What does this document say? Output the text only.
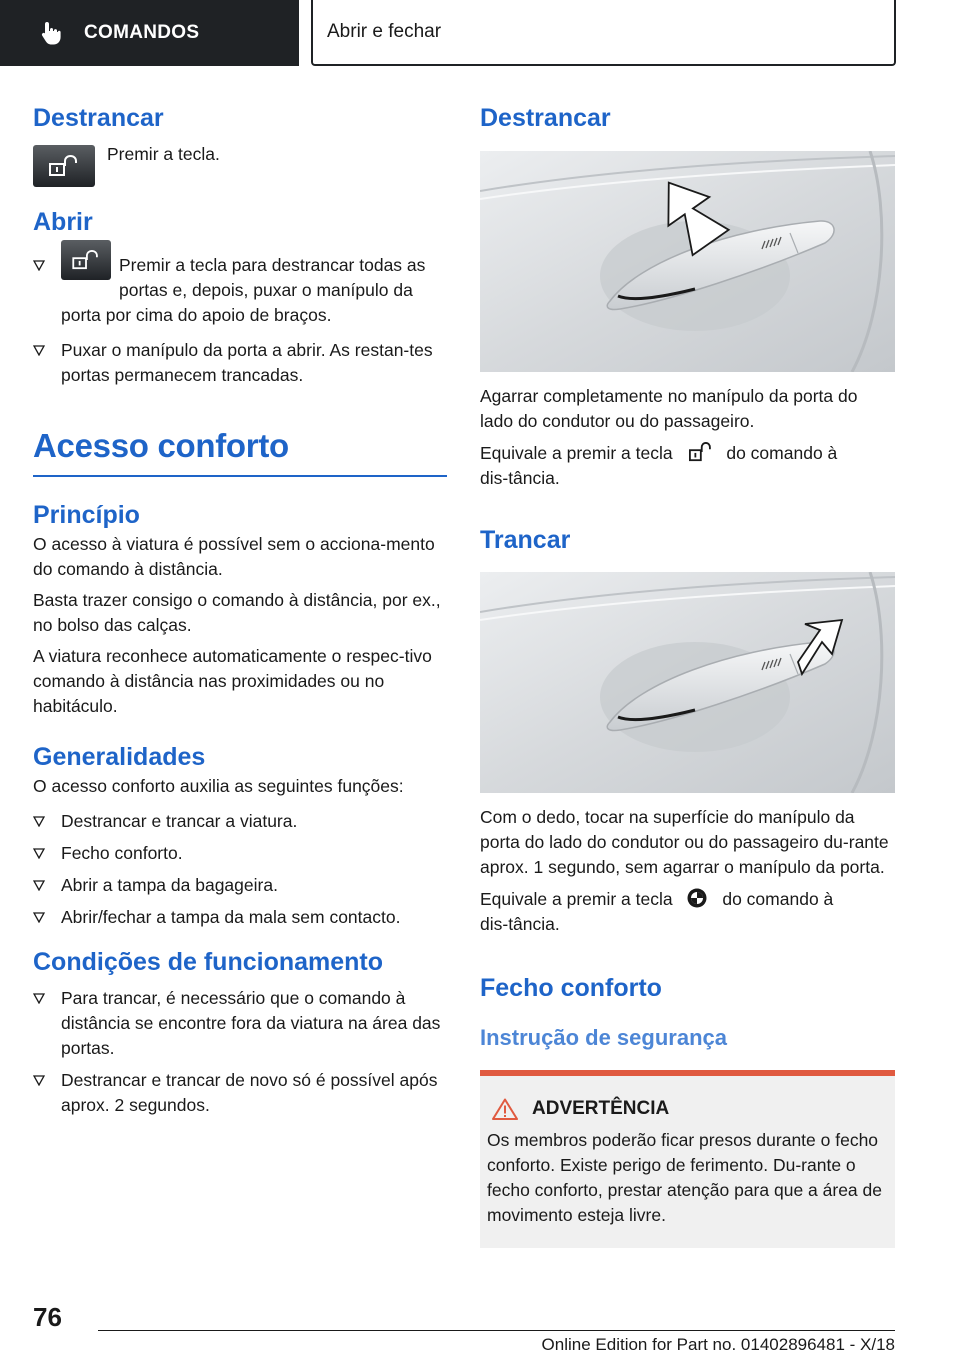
COMANDOS	Abrir e fechar
Destrancar

Premir a tecla.

Abrir
Premir a tecla para destrancar todas as portas e, depois, puxar o manípulo da porta por cima do apoio de braços.
Puxar o manípulo da porta a abrir. As restan‑tes portas permanecem trancadas.
Acesso conforto
Princípio

O acesso à viatura é possível sem o acciona‑mento do comando à distância.

Basta trazer consigo o comando à distância, por ex., no bolso das calças.

A viatura reconhece automaticamente o respec‑tivo comando à distância nas proximidades ou no habitáculo.

Generalidades

O acesso conforto auxilia as seguintes funções:

Destrancar e trancar a viatura.
Fecho conforto.
Abrir a tampa da bagageira.
Abrir/fechar a tampa da mala sem contacto.
Condições de funcionamento
Para trancar, é necessário que o comando à distância se encontre fora da viatura na área das portas.
Destrancar e trancar de novo só é possível após aprox. 2 segundos.
Destrancar

Agarrar completamente no manípulo da porta do lado do condutor ou do passageiro.

Equivale a premir a tecla	do comando à dis‑tância.

Trancar

Com o dedo, tocar na superfície do manípulo da porta do lado do condutor ou do passageiro du‑rante aprox. 1 segundo, sem agarrar o manípulo da porta.

Equivale a premir a tecla	do comando à dis‑tância.

Fecho conforto
Instrução de segurança
ADVERTÊNCIA

Os membros poderão ficar presos durante o fecho conforto. Existe perigo de ferimento. Du‑rante o fecho conforto, prestar atenção para que a área de movimento esteja livre.

76
Online Edition for Part no. 01402896481 - X/18
